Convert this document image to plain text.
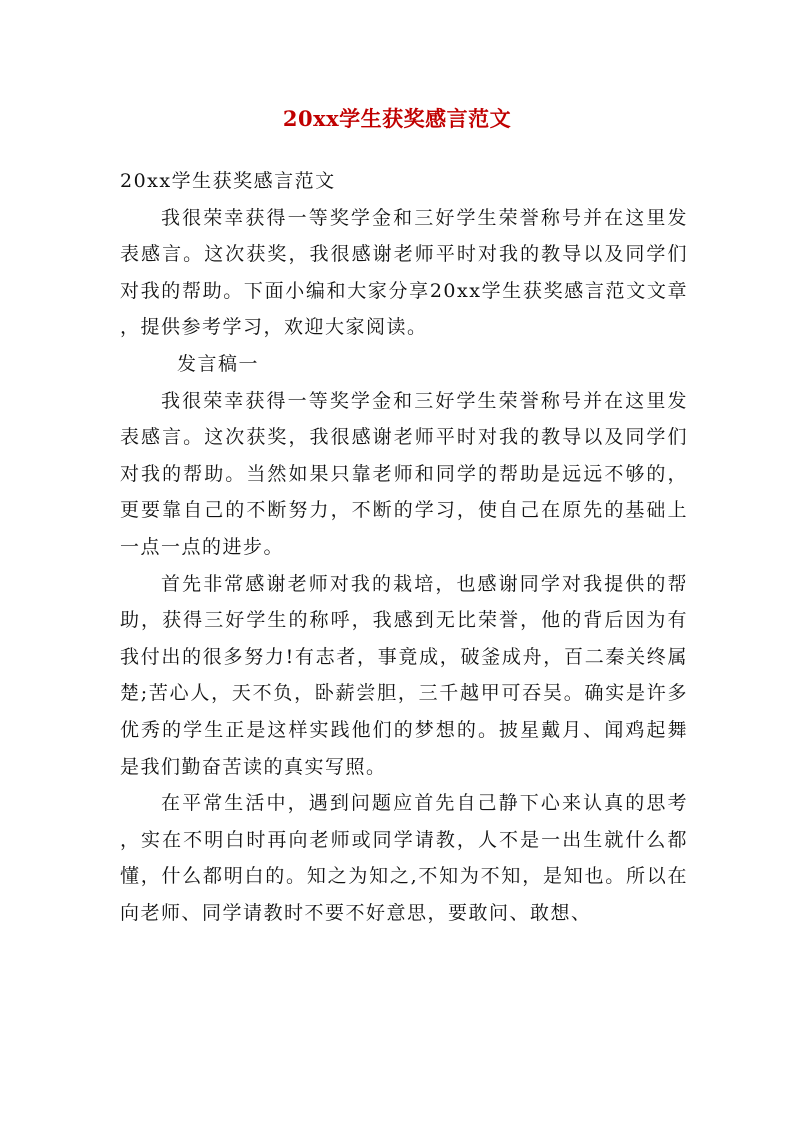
20xx学生获奖感言范文

20xx学生获奖感言范文

我很荣幸获得一等奖学金和三好学生荣誉称号并在这里发表感言。这次获奖，我很感谢老师平时对我的教导以及同学们对我的帮助。下面小编和大家分享20xx学生获奖感言范文文章，提供参考学习，欢迎大家阅读。

发言稿一

我很荣幸获得一等奖学金和三好学生荣誉称号并在这里发表感言。这次获奖，我很感谢老师平时对我的教导以及同学们对我的帮助。当然如果只靠老师和同学的帮助是远远不够的，更要靠自己的不断努力，不断的学习，使自己在原先的基础上一点一点的进步。

首先非常感谢老师对我的栽培，也感谢同学对我提供的帮助，获得三好学生的称呼，我感到无比荣誉，他的背后因为有我付出的很多努力!有志者，事竟成，破釜成舟，百二秦关终属楚;苦心人，天不负，卧薪尝胆，三千越甲可吞吴。确实是许多优秀的学生正是这样实践他们的梦想的。披星戴月、闻鸡起舞是我们勤奋苦读的真实写照。

在平常生活中，遇到问题应首先自己静下心来认真的思考，实在不明白时再向老师或同学请教，人不是一出生就什么都懂，什么都明白的。知之为知之,不知为不知，是知也。所以在向老师、同学请教时不要不好意思，要敢问、敢想、
